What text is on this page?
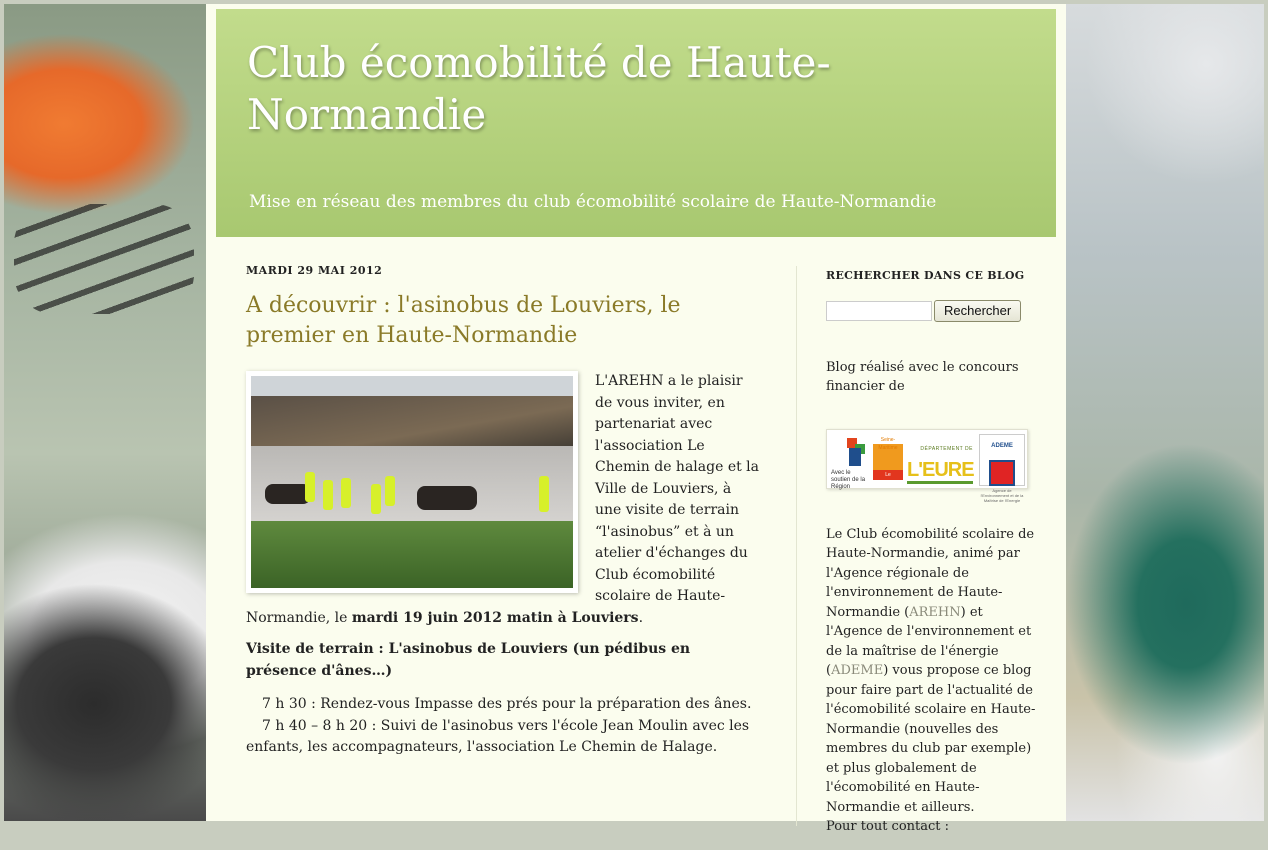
Club écomobilité de Haute-Normandie

Mise en réseau des membres du club écomobilité scolaire de Haute-Normandie

MARDI 29 MAI 2012
A découvrir : l'asinobus de Louviers, le premier en Haute-Normandie

L'AREHN a le plaisir de vous inviter, en partenariat avec l'association Le Chemin de halage et la Ville de Louviers, à une visite de terrain “l'asinobus” et à un atelier d'échanges du Club écomobilité scolaire de Haute-Normandie, le mardi 19 juin 2012 matin à Louviers.

Visite de terrain : L'asinobus de Louviers (un pédibus en présence d'ânes…)

7 h 30 : Rendez-vous Impasse des prés pour la préparation des ânes.

7 h 40 – 8 h 20 : Suivi de l'asinobus vers l'école Jean Moulin avec les enfants, les accompagnateurs, l'association Le Chemin de Halage.

RECHERCHER DANS CE BLOG
Rechercher

Blog réalisé avec le concours financier de

Avec le soutien de la Région
Seine-Maritime
Le Département
DÉPARTEMENT DE
L'EURE
ADEME
Agence de l'Environnement et de la Maîtrise de l'Energie

Le Club écomobilité scolaire de Haute-Normandie, animé par l'Agence régionale de l'environnement de Haute-Normandie (AREHN) et l'Agence de l'environnement et de la maîtrise de l'énergie (ADEME) vous propose ce blog pour faire part de l'actualité de l'écomobilité scolaire en Haute-Normandie (nouvelles des membres du club par exemple) et plus globalement de l'écomobilité en Haute-Normandie et ailleurs.
Pour tout contact :
